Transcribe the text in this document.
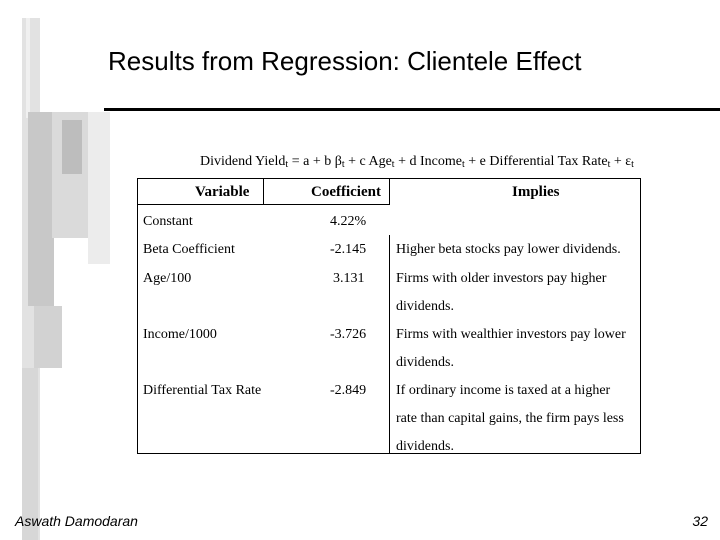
Results from Regression: Clientele Effect
Dividend Yield$_t$ = a + b $\beta_t + c$ Age$_t$ + d Income$_t$ + e Differential Tax Rate$_t$ + $\varepsilon_t$
Variable	Coefficient	Implies
Constant	4.22%
Beta Coefficient	-2.145 Higher beta stocks pay lower dividends.
Age/100	3.131 Firms with older investors pay higher dividends.
Income/1000	-3.726 Firms with wealthier investors pay lower dividends.
Differential Tax Rate	-2.849 If ordinary income is taxed at a higher rate than capital gains, the firm pays less dividends.
Aswath Damodaran	32
